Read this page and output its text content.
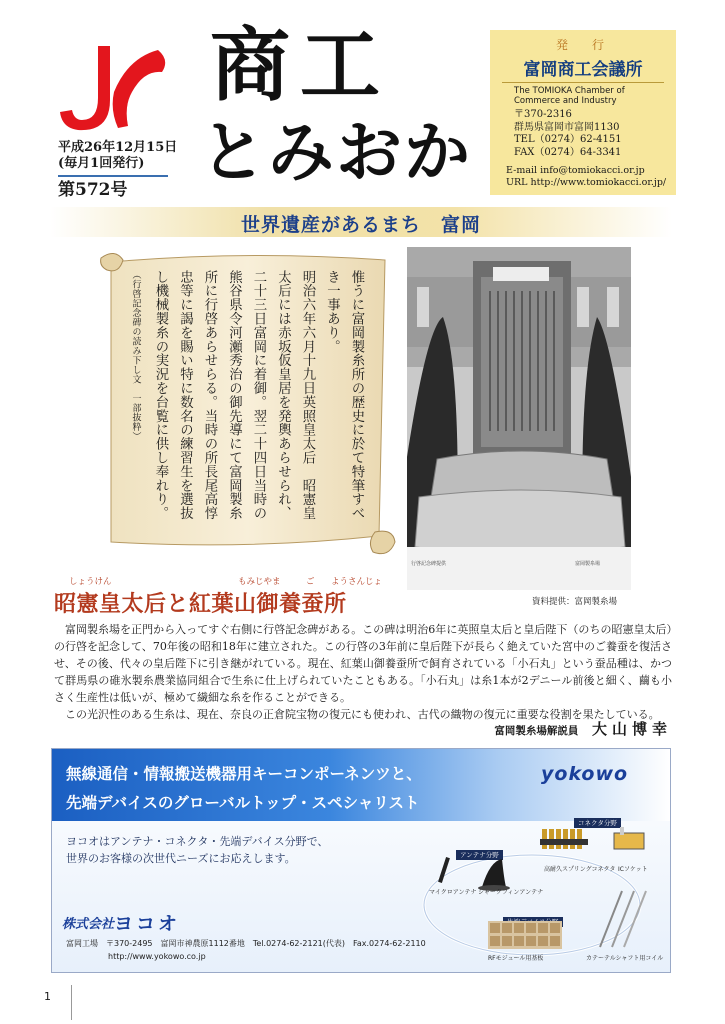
商工
とみおか
平成26年12月15日
(毎月1回発行)
第572号
発　行
富岡商工会議所
The TOMIOKA Chamber of
Commerce and Industry
〒370-2316
群馬県富岡市富岡1130
TEL（0274）62-4151
FAX（0274）64-3341
E-mail info@tomiokacci.or.jp
URL http://www.tomiokacci.or.jp/
世界遺産があるまち　富岡
惟うに富岡製糸所の歴史に於て特筆すべ
き一事あり。
明治六年六月十九日英照皇太后　昭憲皇
太后には赤坂仮皇居を発輿あらせられ、
二十三日富岡に着御。翌二十四日当時の
熊谷県令河瀬秀治の御先導にて富岡製糸
所に行啓あらせらる。当時の所長尾高惇
忠等に謁を賜い特に数名の練習生を選抜
し機械製糸の実況を台覧に供し奉れり。
（行啓記念碑の読み下し文　一部抜粋）
行啓記念碑提供	富岡製糸場
資料提供：富岡製糸場
しょうけん	もみじやま	ご ようさんじょ
昭憲皇太后と紅葉山御養蚕所

富岡製糸場を正門から入ってすぐ右側に行啓記念碑がある。この碑は明治6年に英照皇太后と皇后陛下（のちの昭憲皇太后）の行啓を記念して、70年後の昭和18年に建立された。この行啓の3年前に皇后陛下が長らく絶えていた宮中のご養蚕を復活させ、その後、代々の皇后陛下に引き継がれている。現在、紅葉山御養蚕所で飼育されている「小石丸」という蚕品種は、かつて群馬県の碓氷製糸農業協同組合で生糸に仕上げられていたこともある。「小石丸」は糸1本が2デニール前後と細く、繭も小さく生産性は低いが、極めて繊細な糸を作ることができる。

この光沢性のある生糸は、現在、奈良の正倉院宝物の復元にも使われ、古代の織物の復元に重要な役割を果たしている。

富岡製糸場解説員 大山博幸
無線通信・情報搬送機器用キーコンポーネンツと、
先端デバイスのグローバルトップ・スペシャリスト
yokowo
ヨコオはアンテナ・コネクタ・先端デバイス分野で、
世界のお客様の次世代ニーズにお応えします。	アンテナ分野
コネクタ分野
マイクロアンテナ シャークフィンアンテナ
高耐久スプリングコネクタ ICソケット
RFモジュール用基板	カテーテルシャフト用コイル
株式会社 ヨコオ
富岡工場　〒370-2495　富岡市神農原1112番地　Tel.0274-62-2121(代表)　Fax.0274-62-2110
http://www.yokowo.co.jp
1
